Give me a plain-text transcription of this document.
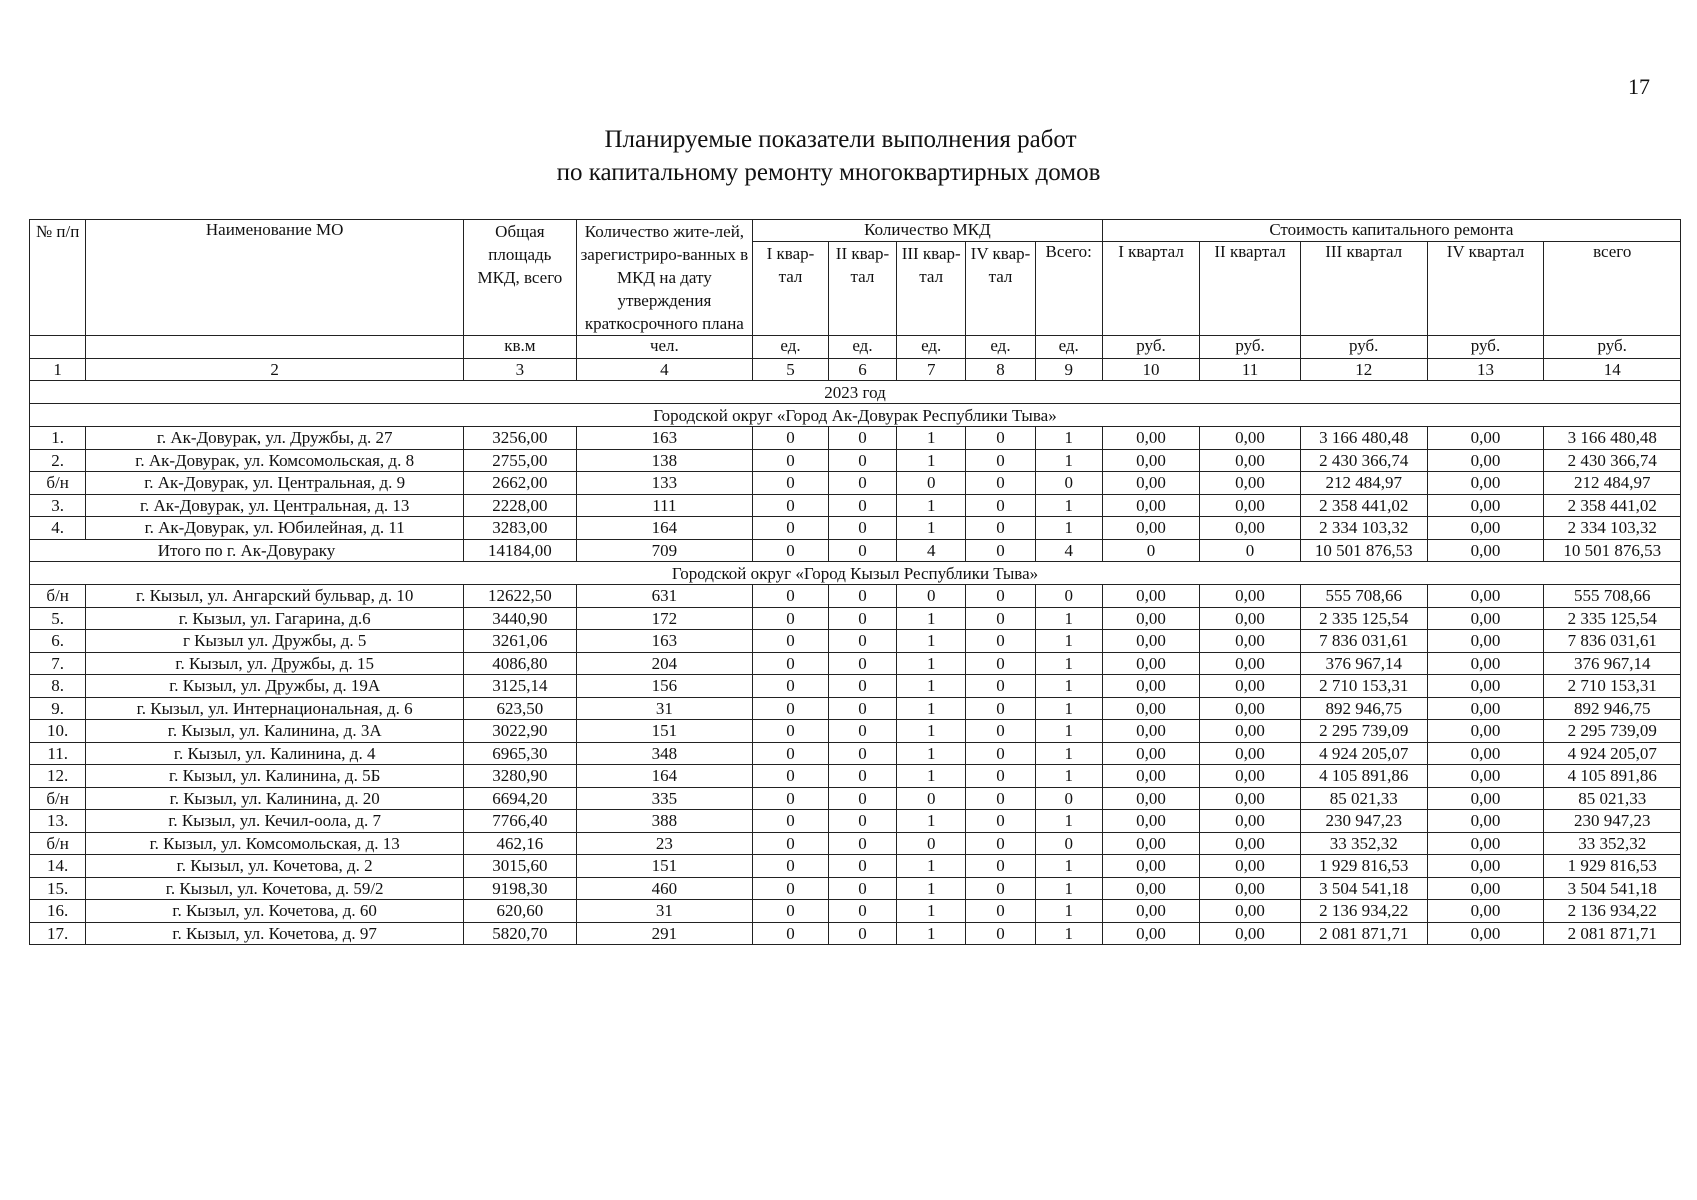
17
Планируемые показатели выполнения работ
по капитальному ремонту многоквартирных домов
№ п/п	Наименование МО	Общая площадь МКД, всего	Количество жите-лей, зарегистриро-ванных в МКД на дату утверждения краткосрочного плана	Количество МКД					Стоимость капитального ремонта				
				I квар-тал	II квар-тал	III квар-тал	IV квар-тал	Всего:	I квартал	II квартал	III квартал	IV квартал	всего
		кв.м	чел.	ед.	ед.	ед.	ед.	ед.	руб.	руб.	руб.	руб.	руб.
1	2	3	4	5	6	7	8	9	10	11	12	13	14
2023 год													
Городской округ «Город Ак-Довурак Республики Тыва»													
1.	г. Ак-Довурак, ул. Дружбы, д. 27	3256,00	163	0	0	1	0	1	0,00	0,00	3 166 480,48	0,00	3 166 480,48
2.	г. Ак-Довурак, ул. Комсомольская, д. 8	2755,00	138	0	0	1	0	1	0,00	0,00	2 430 366,74	0,00	2 430 366,74
б/н	г. Ак-Довурак, ул. Центральная, д. 9	2662,00	133	0	0	0	0	0	0,00	0,00	212 484,97	0,00	212 484,97
3.	г. Ак-Довурак, ул. Центральная, д. 13	2228,00	111	0	0	1	0	1	0,00	0,00	2 358 441,02	0,00	2 358 441,02
4.	г. Ак-Довурак, ул. Юбилейная, д. 11	3283,00	164	0	0	1	0	1	0,00	0,00	2 334 103,32	0,00	2 334 103,32
Итого по г. Ак-Довураку		14184,00	709	0	0	4	0	4	0	0	10 501 876,53	0,00	10 501 876,53
Городской округ «Город Кызыл Республики Тыва»													
б/н	г. Кызыл, ул. Ангарский бульвар, д. 10	12622,50	631	0	0	0	0	0	0,00	0,00	555 708,66	0,00	555 708,66
5.	г. Кызыл, ул. Гагарина, д.6	3440,90	172	0	0	1	0	1	0,00	0,00	2 335 125,54	0,00	2 335 125,54
6.	г Кызыл ул. Дружбы, д. 5	3261,06	163	0	0	1	0	1	0,00	0,00	7 836 031,61	0,00	7 836 031,61
7.	г. Кызыл, ул. Дружбы, д. 15	4086,80	204	0	0	1	0	1	0,00	0,00	376 967,14	0,00	376 967,14
8.	г. Кызыл, ул. Дружбы, д. 19А	3125,14	156	0	0	1	0	1	0,00	0,00	2 710 153,31	0,00	2 710 153,31
9.	г. Кызыл, ул. Интернациональная, д. 6	623,50	31	0	0	1	0	1	0,00	0,00	892 946,75	0,00	892 946,75
10.	г. Кызыл, ул. Калинина, д. 3А	3022,90	151	0	0	1	0	1	0,00	0,00	2 295 739,09	0,00	2 295 739,09
11.	г. Кызыл, ул. Калинина, д. 4	6965,30	348	0	0	1	0	1	0,00	0,00	4 924 205,07	0,00	4 924 205,07
12.	г. Кызыл, ул. Калинина, д. 5Б	3280,90	164	0	0	1	0	1	0,00	0,00	4 105 891,86	0,00	4 105 891,86
б/н	г. Кызыл, ул. Калинина, д. 20	6694,20	335	0	0	0	0	0	0,00	0,00	85 021,33	0,00	85 021,33
13.	г. Кызыл, ул. Кечил-оола, д. 7	7766,40	388	0	0	1	0	1	0,00	0,00	230 947,23	0,00	230 947,23
б/н	г. Кызыл, ул. Комсомольская, д. 13	462,16	23	0	0	0	0	0	0,00	0,00	33 352,32	0,00	33 352,32
14.	г. Кызыл, ул. Кочетова, д. 2	3015,60	151	0	0	1	0	1	0,00	0,00	1 929 816,53	0,00	1 929 816,53
15.	г. Кызыл, ул. Кочетова, д. 59/2	9198,30	460	0	0	1	0	1	0,00	0,00	3 504 541,18	0,00	3 504 541,18
16.	г. Кызыл, ул. Кочетова, д. 60	620,60	31	0	0	1	0	1	0,00	0,00	2 136 934,22	0,00	2 136 934,22
17.	г. Кызыл, ул. Кочетова, д. 97	5820,70	291	0	0	1	0	1	0,00	0,00	2 081 871,71	0,00	2 081 871,71
